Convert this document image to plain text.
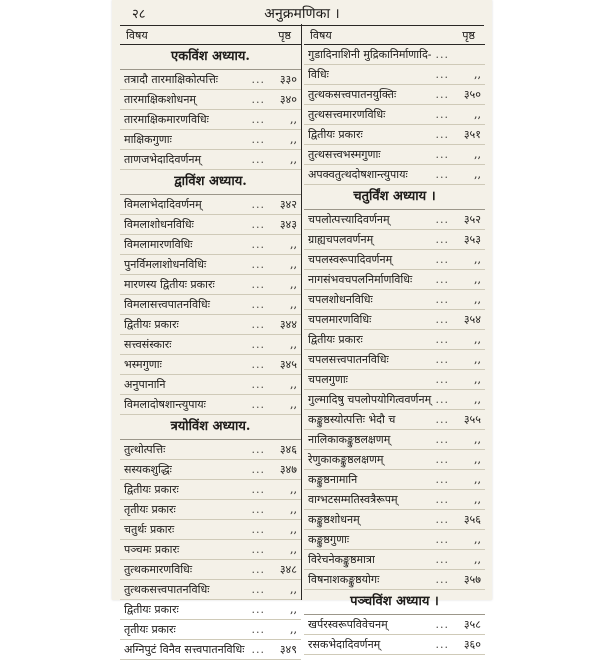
२८	अनुक्रमणिका ।
विषय	पृष्ठ
एकविंश अध्याय.
तत्रादौ तारमाक्षिकोत्पत्तिः	... ३३०
तारमाक्षिकशोधनम्	... ३४०
तारमाक्षिकमारणविधिः	... ,,
माक्षिकगुणाः	... ,,
ताणजभेदादिवर्णनम्	... ,,
द्वाविंश अध्याय.
विमलाभेदादिवर्णनम्	... ३४२
विमलाशोधनविधिः	... ३४३
विमलामारणविधिः	... ,,
पुनर्विमलाशोधनविधिः	... ,,
मारणस्य द्वितीयः प्रकारः	... ,,
विमलासत्त्वपातनविधिः	... ,,
द्वितीयः प्रकारः	... ३४४
सत्त्वसंस्कारः	... ,,
भस्मगुणाः	... ३४५
अनुपानानि	... ,,
विमलादोषशान्त्युपायः	... ,,
त्रयोविंश अध्याय.
तुत्थोत्पत्तिः	... ३४६
सस्यकशुद्धिः	... ३४७
द्वितीयः प्रकारः	... ,,
तृतीयः प्रकारः	... ,,
चतुर्थः प्रकारः	... ,,
पञ्चमः प्रकारः	... ,,
तुत्थकमारणविधिः	... ३४८
तुत्थकसत्त्वपातनविधिः	... ,,
द्वितीयः प्रकारः	... ,,
तृतीयः प्रकारः	... ,,
अग्निपुटं विनैव सत्त्वपातनविधिः ... ३४९
विषय	पृष्ठ
गुडादिनाशिनी मुद्रिकानिर्माणादि- ...
विधिः	... ,,
तुत्थकसत्त्वपातनयुक्तिः	... ३५०
तुत्थसत्त्वमारणविधिः	... ,,
द्वितीयः प्रकारः	... ३५१
तुत्थसत्त्वभस्मगुणाः	... ,,
अपक्वतुत्थदोषशान्त्युपायः	... ,,
चतुर्विंश अध्याय ।
चपलोत्पत्त्यादिवर्णनम्	... ३५२
ग्राह्यचपलवर्णनम्	... ३५३
चपलस्वरूपादिवर्णनम्	... ,,
नागसंभवचपलनिर्माणविधिः ... ,,
चपलशोधनविधिः	... ,,
चपलमारणविधिः	... ३५४
द्वितीयः प्रकारः	... ,,
चपलसत्त्वपातनविधिः	... ,,
चपलगुणाः	... ,,
गुल्मादिषु चपलोपयोगित्ववर्णनम् ... ,,
कङ्कुष्ठस्योत्पत्तिः भेदौ च	... ३५५
नालिकाकङ्कुष्ठलक्षणम्	... ,,
रेणुकाकङ्कुष्ठलक्षणम्	... ,,
कङ्कुष्ठनामानि	... ,,
वाग्भटसम्मतिस्वत्रैरूपम्	... ,,
कङ्कुष्ठशोधनम्	... ३५६
कङ्कुष्ठगुणाः	... ,,
विरेचनेकङ्कुष्ठमात्रा	... ,,
विषनाशकङ्कुष्ठयोगः	... ३५७
पञ्चविंश अध्याय ।
खर्परस्वरूपविवेचनम्	... ३५८
रसकभेदादिवर्णनम्	... ३६०
